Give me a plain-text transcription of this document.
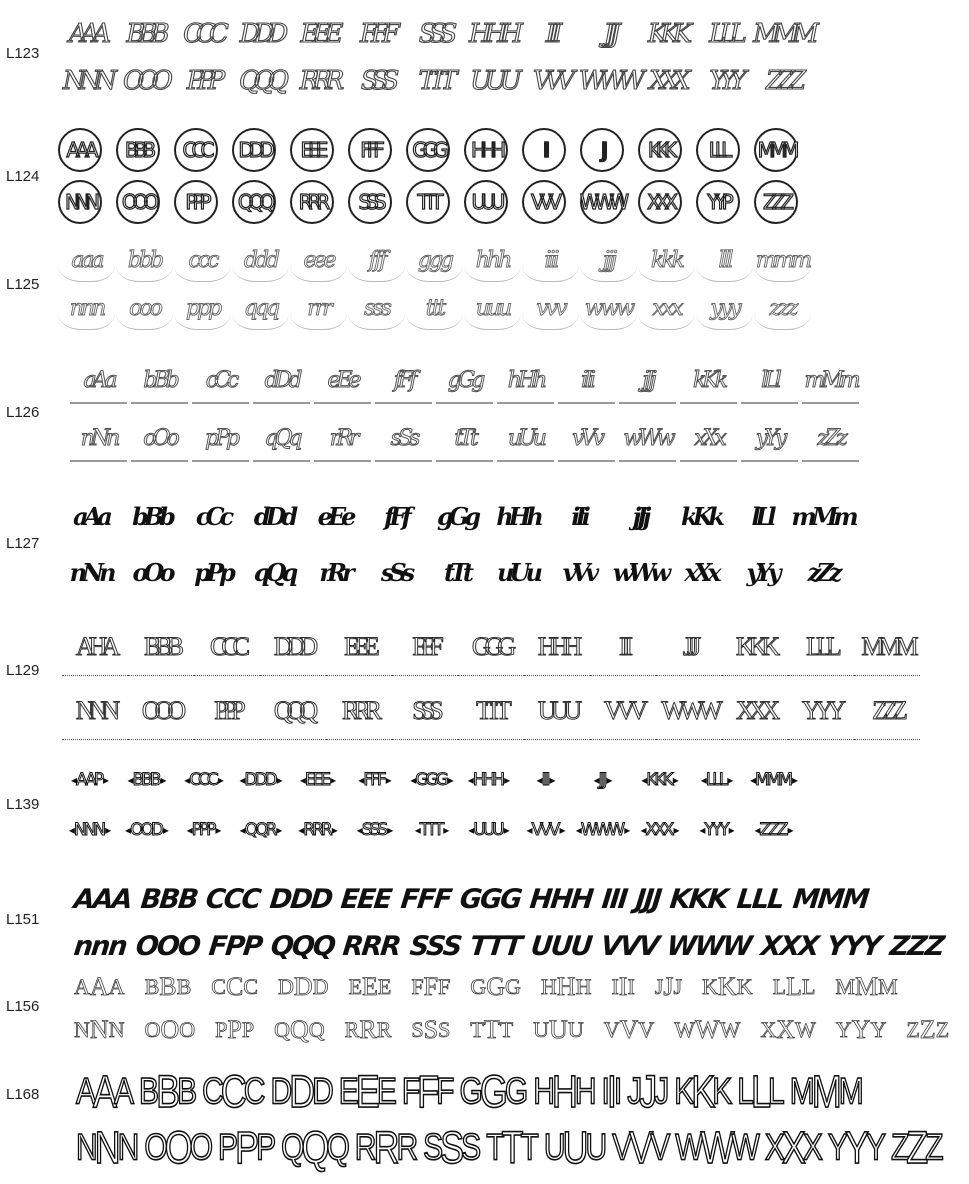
L123
AAA BBB CCC DDD EEE FFF SSS HHH	III	JJJ	KKK LLL MMM
NNN OOO PPP QQQ RRR SSS	TTT UUU VVV WWW XXX YYY	ZZZ
L124
AAA	BBB	CCC	DDD	EEE	FFF	GGG	HHH	III	JJJ	KKK	LLL	MMM
NNN	OOO	PPP	QQQ	RRR	SSS	TTT	UUU	VVV	WWW	XXX	YYP	ZZZ
L125
aaa	bbb	ccc	ddd	eee	fff	ggg	hhh	iii	jjj	kkk	lll	mmm
nnn	ooo	ppp	qqq	rrr	sss	ttt	uuu	vvv www xxx	yyy	zzz
L126
aAa	bBb	cCc	dDd	eEe	fFf	gGg	hHh	iIi	jJj	kKk	lLl	mMm
nNn	oOo	pPp	qQq	rRr	sSs	tTt	uUu	vVv	wWw	xXx	yYy	zZz
L127
aAa	bBb	cCc	dDd	eEe	fFf	gGg hHh	iIi	jJj	kKk	lLl mMm
nNn oOo pPp qQq	rRr	sSs	tTt	uUu	vVv wWw xXx	yYy	zZz
L129
AHA	BBB	CCC	DDD	EEE	FFF	GGG	HHH	III	JJJ	KKK	LLL MMM
NNN	OOO	PPP	QQQ	RRR	SSS	TTT	UUU	VVV WWW XXX	YYY	ZZZ
L139
◂ AAP ▸ ◂ BBB ▸ ◂ CCC ▸ ◂ DDD ▸ ◂ EEE ▸ ◂ FFF ▸ ◂ GGG ▸ ◂ HHH ▸ ◂ III ▸	◂ JJJ ▸ ◂ KKK ▸ ◂ LLL ▸ ◂ MMM ▸
◂ NNN ▸ ◂ OOD ▸ ◂ PPP ▸ ◂ QQR ▸ ◂ RRR ▸ ◂ SSS ▸ ◂ TTT ▸ ◂ UUU ▸ ◂ VVV ▸ ◂ WWW ▸ ◂ XXX ▸ ◂ YYY ▸ ◂ ZZZ ▸
L151
AAA BBB CCC DDD EEE FFF GGG HHH III JJJ KKK LLL MMM
nnn OOO FPP QQQ RRR SSS TTT UUU VVV WWW XXX YYY ZZZ
L156
A A A B B B C C C D D D E E E F F F G G G H H H I I I J J J K K K L L L M M M
N N N O O O P P P Q Q Q R R R S S S T T T U U U V V V W W W X X W Y Y Y Z Z Z
L168 A A A B B B C C C D D D E E E F F F G G G H H H I I I J J J K K K L L L M M M
N N N O O O P P P Q Q Q R R R S S S T T T U U U V V V W W W X X X Y Y Y Z Z Z
